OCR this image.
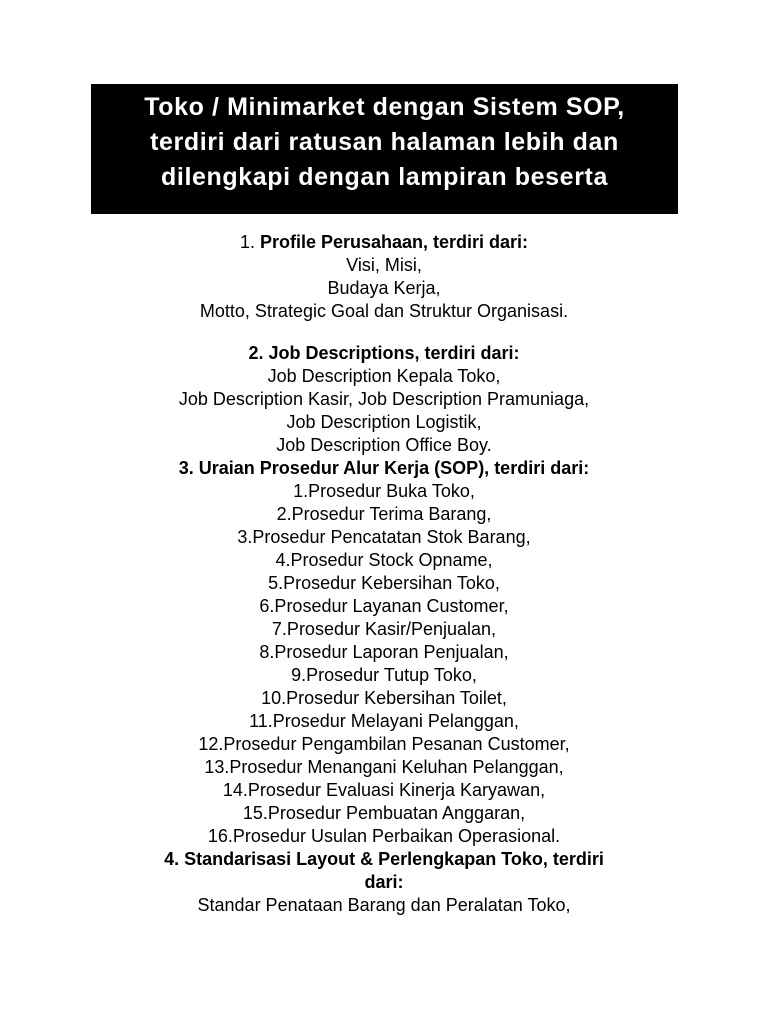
Toko / Minimarket dengan Sistem SOP,
terdiri dari ratusan halaman lebih dan
dilengkapi dengan lampiran beserta
1. Profile Perusahaan, terdiri dari:
Visi, Misi,
Budaya Kerja,
Motto, Strategic Goal dan Struktur Organisasi.
2. Job Descriptions, terdiri dari:
Job Description Kepala Toko,
Job Description Kasir, Job Description Pramuniaga,
Job Description Logistik,
Job Description Office Boy.
3. Uraian Prosedur Alur Kerja (SOP), terdiri dari:
1.Prosedur Buka Toko,
2.Prosedur Terima Barang,
3.Prosedur Pencatatan Stok Barang,
4.Prosedur Stock Opname,
5.Prosedur Kebersihan Toko,
6.Prosedur Layanan Customer,
7.Prosedur Kasir/Penjualan,
8.Prosedur Laporan Penjualan,
9.Prosedur Tutup Toko,
10.Prosedur Kebersihan Toilet,
11.Prosedur Melayani Pelanggan,
12.Prosedur Pengambilan Pesanan Customer,
13.Prosedur Menangani Keluhan Pelanggan,
14.Prosedur Evaluasi Kinerja Karyawan,
15.Prosedur Pembuatan Anggaran,
16.Prosedur Usulan Perbaikan Operasional.
4. Standarisasi Layout & Perlengkapan Toko, terdiri
dari:
Standar Penataan Barang dan Peralatan Toko,
